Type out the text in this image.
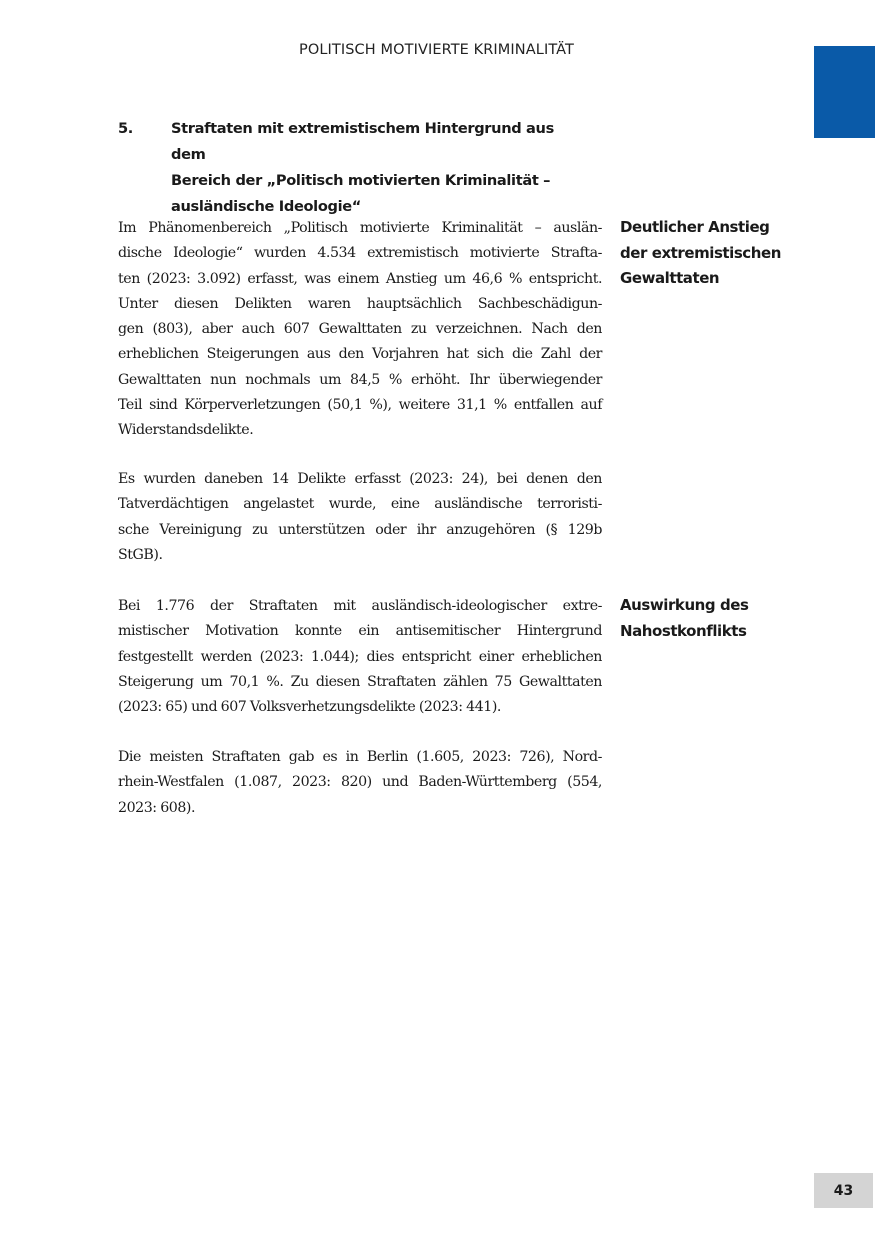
POLITISCH MOTIVIERTE KRIMINALITÄT
5.	Straftaten mit extremistischem Hintergrund aus dem
Bereich der „Politisch motivierten Kriminalität –
ausländische Ideologie“

Im Phänomenbereich „Politisch motivierte Kriminalität – auslän-

dische Ideologie“ wurden 4.534 extremistisch motivierte Strafta-

ten (2023: 3.092) erfasst, was einem Anstieg um 46,6 % entspricht.

Unter diesen Delikten waren hauptsächlich Sachbeschädigun-

gen (803), aber auch 607 Gewalttaten zu verzeichnen. Nach den

erheblichen Steigerungen aus den Vorjahren hat sich die Zahl der

Gewalttaten nun nochmals um 84,5 % erhöht. Ihr überwiegender

Teil sind Körperverletzungen (50,1 %), weitere 31,1 % entfallen auf

Widerstandsdelikte.

Deutlicher Anstieg
der extremistischen
Gewalttaten

Es wurden daneben 14 Delikte erfasst (2023: 24), bei denen den

Tatverdächtigen angelastet wurde, eine ausländische terroristi-

sche Vereinigung zu unterstützen oder ihr anzugehören (§ 129b

StGB).

Bei 1.776 der Straftaten mit ausländisch-ideologischer extre-

mistischer Motivation konnte ein antisemitischer Hintergrund

festgestellt werden (2023: 1.044); dies entspricht einer erheblichen

Steigerung um 70,1 %. Zu diesen Straftaten zählen 75 Gewalttaten

(2023: 65) und 607 Volksverhetzungsdelikte (2023: 441).

Auswirkung des
Nahostkonflikts

Die meisten Straftaten gab es in Berlin (1.605, 2023: 726), Nord-

rhein-Westfalen (1.087, 2023: 820) und Baden-Württemberg (554,

2023: 608).

43
